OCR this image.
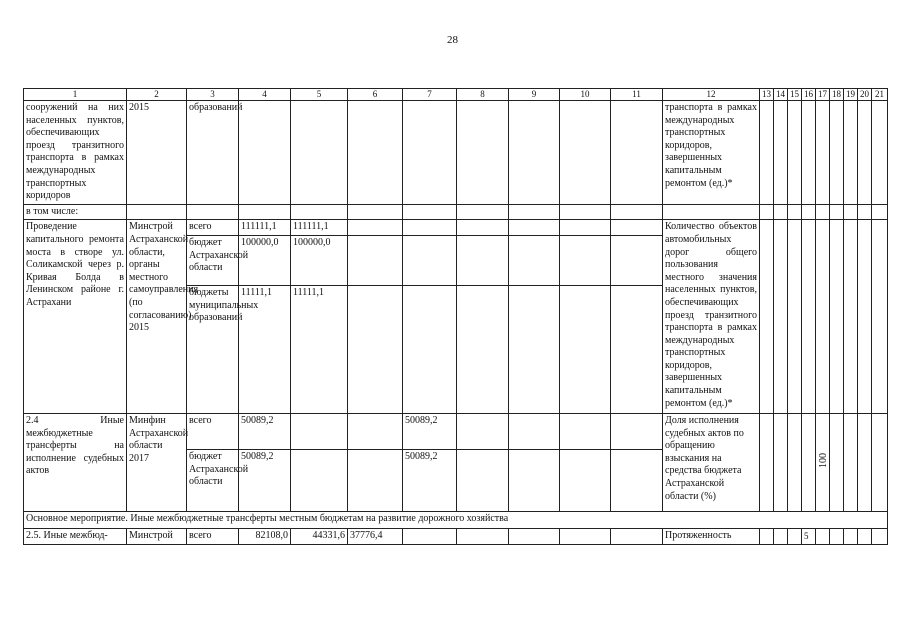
28
1	2	3	4	5	6	7	8	9	10	11	12	13	14	15	16	17	18	19	20	21
сооружений на них населенных пунктов, обеспечивающих проезд транзитного транспорта в рамках международных транспортных коридоров	2015	образований									транспорта в рамках международных транспортных коридоров, завершенных капитальным ремонтом (ед.)*									
в том числе:																				
Проведение капитального ремонта моста в створе ул. Соликамской через р. Кривая Болда в Ленинском районе г. Астрахани	Минстрой Астраханской области, органы местного самоуправления (по согласованию) 2015	всего	111111,1	111111,1							Количество объектов автомобильных дорог общего пользования местного значения населенных пунктов, обеспечивающих проезд транзитного транспорта в рамках международных транспортных коридоров, завершенных капитальным ремонтом (ед.)*									
		бюджет Астраханской области	100000,0	100000,0																
		бюджеты муниципальных образований	11111,1	11111,1																
2.4 Иные межбюджетные трансферты на исполнение судебных актов	Минфин Астраханской области 2017	всего	50089,2			50089,2					Доля исполнения судебных актов по обращению взыскания на средства бюджета Астраханской области (%)					100				

		бюджет Астраханской области	50089,2			50089,2														
Основное мероприятие. Иные межбюджетные трансферты местным бюджетам на развитие дорожного хозяйства																				
2.5. Иные межбюд-	Минстрой	всего	82108,0	44331,6	37776,4						Протяженность				5					
